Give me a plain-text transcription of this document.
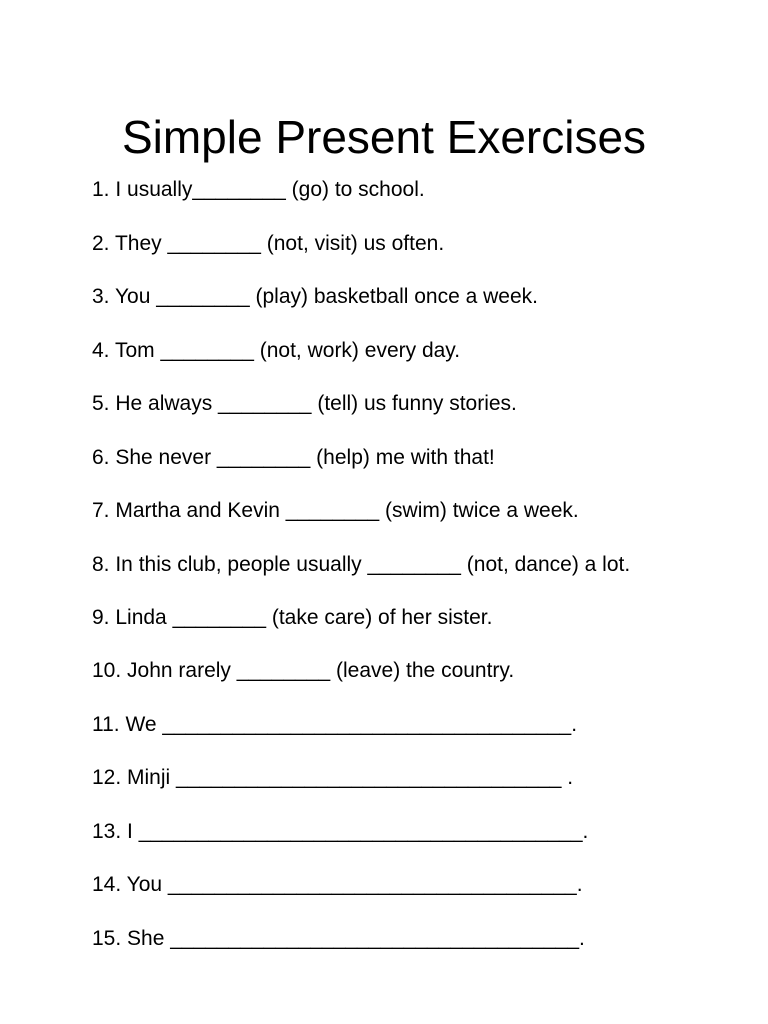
Simple Present Exercises
1. I usually________ (go) to school.
2. They ________ (not, visit) us often.
3. You ________ (play) basketball once a week.
4. Tom ________ (not, work) every day.
5. He always ________ (tell) us funny stories.
6. She never ________ (help) me with that!
7. Martha and Kevin ________ (swim) twice a week.
8. In this club, people usually ________ (not, dance) a lot.
9. Linda ________ (take care) of her sister.
10. John rarely ________ (leave) the country.
11. We ___________________________________.
12. Minji _________________________________ .
13. I ______________________________________.
14. You ___________________________________.
15. She ___________________________________.
